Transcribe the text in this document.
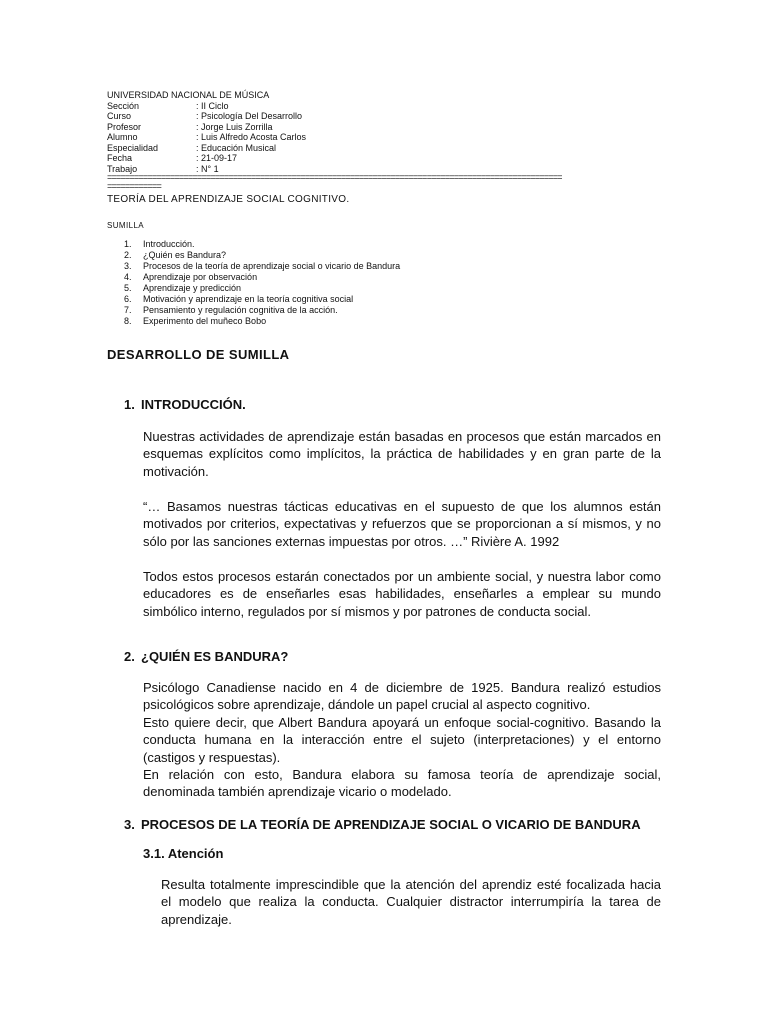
UNIVERSIDAD NACIONAL DE MÚSICA
Sección	: II Ciclo
Curso	: Psicología Del Desarrollo
Profesor	: Jorge Luis Zorrilla
Alumno	: Luis Alfredo Acosta Carlos
Especialidad	: Educación Musical
Fecha	: 21-09-17
Trabajo	: N° 1
=====================================================================================================
============
TEORÍA DEL APRENDIZAJE SOCIAL COGNITIVO.
SUMILLA
1.	Introducción.
2.	¿Quién es Bandura?
3.	Procesos de la teoría de aprendizaje social o vicario de Bandura
4.	Aprendizaje por observación
5.	Aprendizaje y predicción
6.	Motivación y aprendizaje en la teoría cognitiva social
7.	Pensamiento y regulación cognitiva de la acción.
8.	Experimento del muñeco Bobo
DESARROLLO DE SUMILLA
1. INTRODUCCIÓN.

Nuestras actividades de aprendizaje están basadas en procesos que están marcados en esquemas explícitos como implícitos, la práctica de habilidades y en gran parte de la motivación.

“… Basamos nuestras tácticas educativas en el supuesto de que los alumnos están motivados por criterios, expectativas y refuerzos que se proporcionan a sí mismos, y no sólo por las sanciones externas impuestas por otros. …” Rivière A. 1992

Todos estos procesos estarán conectados por un ambiente social, y nuestra labor como educadores es de enseñarles esas habilidades, enseñarles a emplear su mundo simbólico interno, regulados por sí mismos y por patrones de conducta social.

2. ¿QUIÉN ES BANDURA?

Psicólogo Canadiense nacido en 4 de diciembre de 1925. Bandura realizó estudios psicológicos sobre aprendizaje, dándole un papel crucial al aspecto cognitivo.

Esto quiere decir, que Albert Bandura apoyará un enfoque social-cognitivo. Basando la conducta humana en la interacción entre el sujeto (interpretaciones) y el entorno (castigos y respuestas).

En relación con esto, Bandura elabora su famosa teoría de aprendizaje social, denominada también aprendizaje vicario o modelado.

3. PROCESOS DE LA TEORÍA DE APRENDIZAJE SOCIAL O VICARIO DE BANDURA
3.1. Atención

Resulta totalmente imprescindible que la atención del aprendiz esté focalizada hacia el modelo que realiza la conducta. Cualquier distractor interrumpiría la tarea de aprendizaje.
